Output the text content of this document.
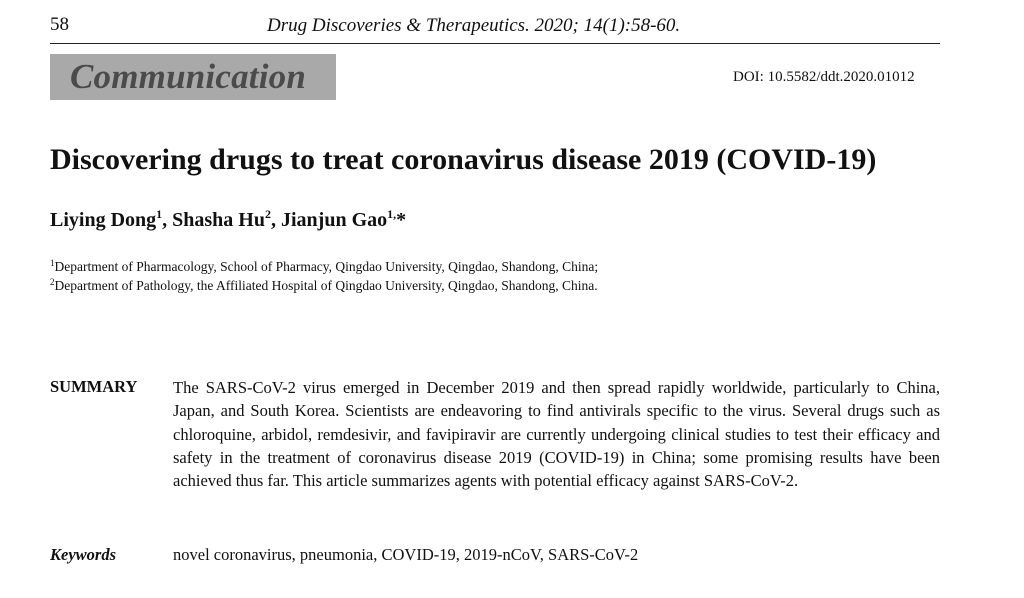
58	Drug Discoveries & Therapeutics. 2020; 14(1):58-60.
Communication	DOI: 10.5582/ddt.2020.01012
Discovering drugs to treat coronavirus disease 2019 (COVID-19)
Liying Dong$^1$, Shasha Hu$^2$, Jianjun Gao$^{1,}$*
$^1$Department of Pharmacology, School of Pharmacy, Qingdao University, Qingdao, Shandong, China;
$^2$Department of Pathology, the Affiliated Hospital of Qingdao University, Qingdao, Shandong, China.
SUMMARY The SARS-CoV-2 virus emerged in December 2019 and then spread rapidly worldwide, particularly to China, Japan, and South Korea. Scientists are endeavoring to find antivirals specific to the virus. Several drugs such as chloroquine, arbidol, remdesivir, and favipiravir are currently undergoing clinical studies to test their efficacy and safety in the treatment of coronavirus disease 2019 (COVID-19) in China; some promising results have been achieved thus far. This article summarizes agents with potential efficacy against SARS-CoV-2.

Keywords	novel coronavirus, pneumonia, COVID-19, 2019-nCoV, SARS-CoV-2
